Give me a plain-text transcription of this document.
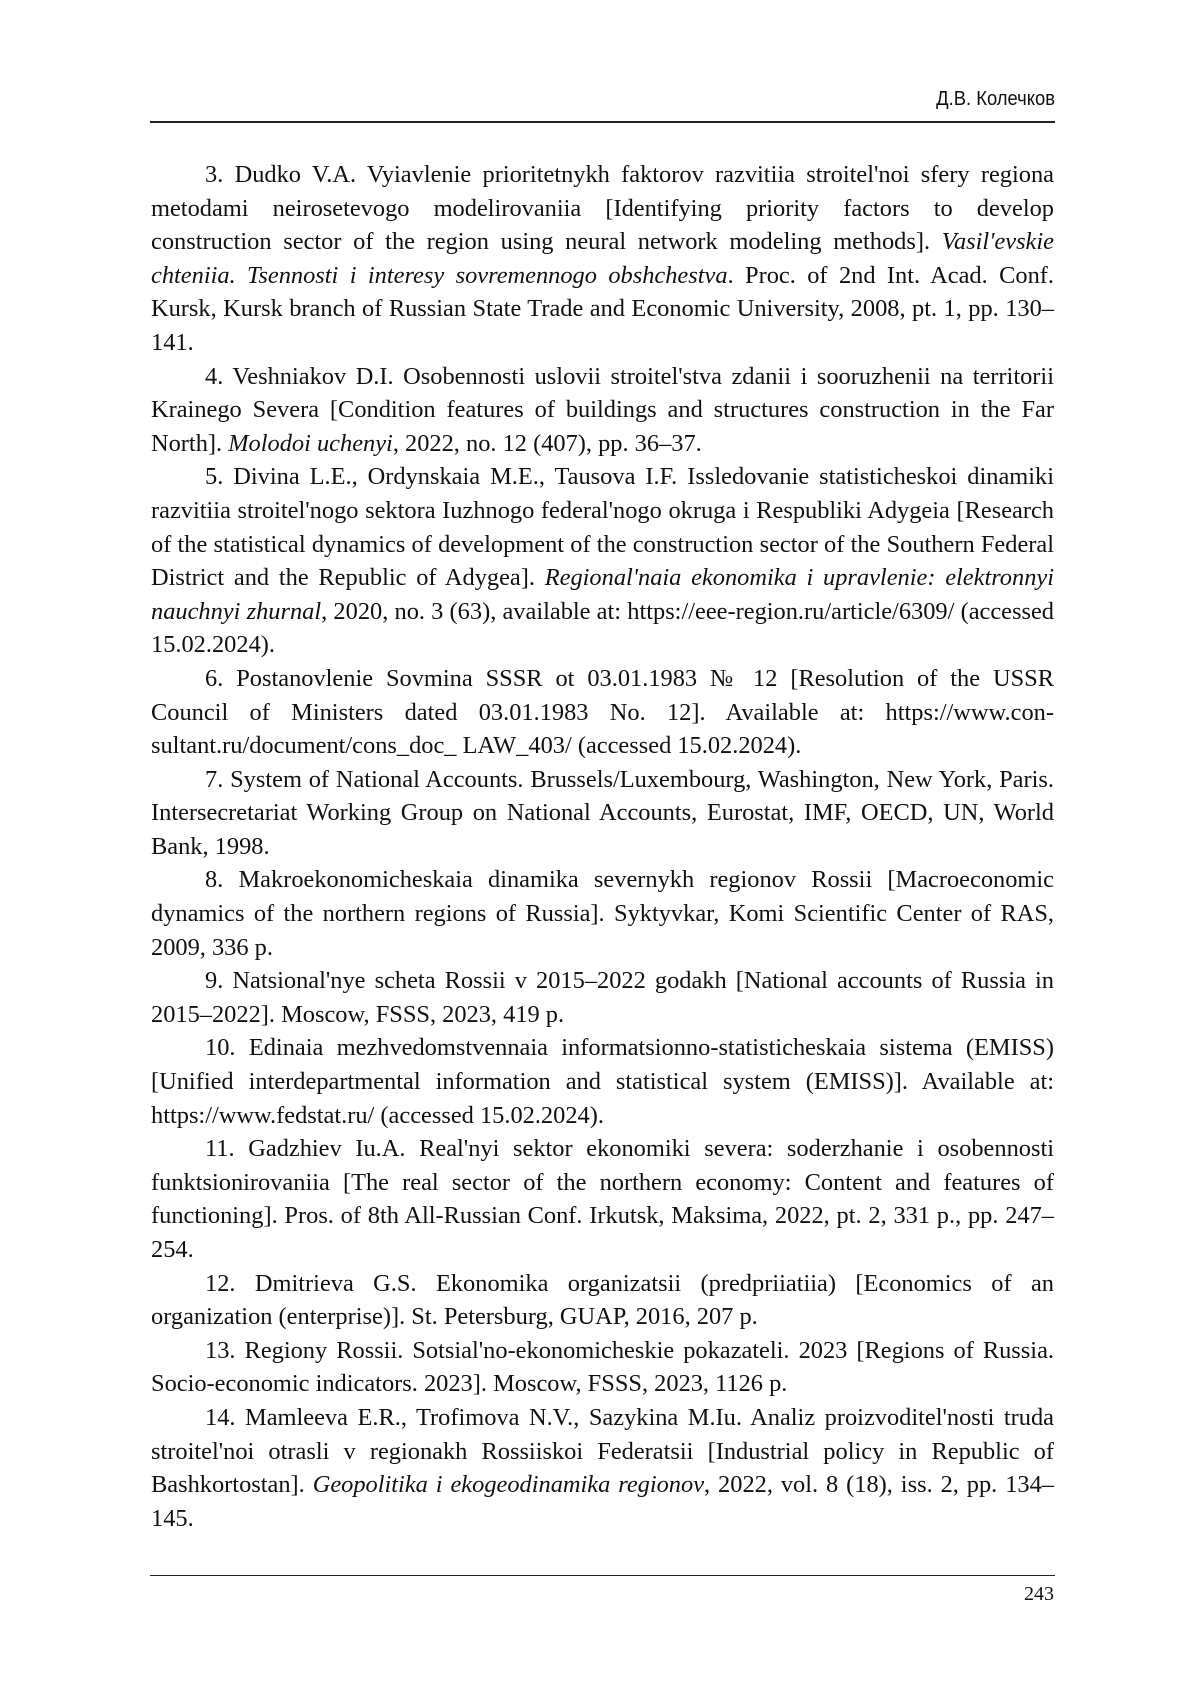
Д.В. Колечков

3. Dudko V.A. Vyiavlenie prioritetnykh faktorov razvitiia stroitel'noi sfery regiona metodami neirosetevogo modelirovaniia [Identifying priority factors to develop construction sector of the region using neural network modeling methods]. Vasil'evskie chteniia. Tsennosti i interesy sovremennogo obshchestva. Proc. of 2nd Int. Acad. Conf. Kursk, Kursk branch of Russian State Trade and Economic University, 2008, pt. 1, pp. 130–141.

4. Veshniakov D.I. Osobennosti uslovii stroitel'stva zdanii i sooruzhenii na territorii Krainego Severa [Condition features of buildings and structures construction in the Far North]. Molodoi uchenyi, 2022, no. 12 (407), pp. 36–37.

5. Divina L.E., Ordynskaia M.E., Tausova I.F. Issledovanie statisticheskoi dinamiki razvitiia stroitel'nogo sektora Iuzhnogo federal'nogo okruga i Respubliki Adygeia [Research of the statistical dynamics of development of the construction sector of the Southern Federal District and the Republic of Adygea]. Regional'naia ekonomika i upravlenie: elektronnyi nauchnyi zhurnal, 2020, no. 3 (63), available at: https://eee-region.ru/article/6309/ (accessed 15.02.2024).

6. Postanovlenie Sovmina SSSR ot 03.01.1983 № 12 [Resolution of the USSR Council of Ministers dated 03.01.1983 No. 12]. Available at: https://www.consultant.ru/document/cons_doc_ LAW_403/ (accessed 15.02.2024).

7. System of National Accounts. Brussels/Luxembourg, Washington, New York, Paris. Intersecretariat Working Group on National Accounts, Eurostat, IMF, OECD, UN, World Bank, 1998.

8. Makroekonomicheskaia dinamika severnykh regionov Rossii [Macroeconomic dynamics of the northern regions of Russia]. Syktyvkar, Komi Scientific Center of RAS, 2009, 336 p.

9. Natsional'nye scheta Rossii v 2015–2022 godakh [National accounts of Russia in 2015–2022]. Moscow, FSSS, 2023, 419 p.

10. Edinaia mezhvedomstvennaia informatsionno-statisticheskaia sistema (EMISS) [Unified interdepartmental information and statistical system (EMISS)]. Available at: https://www.fedstat.ru/ (accessed 15.02.2024).

11. Gadzhiev Iu.A. Real'nyi sektor ekonomiki severa: soderzhanie i osobennosti funktsionirovaniia [The real sector of the northern economy: Content and features of functioning]. Pros. of 8th All-Russian Conf. Irkutsk, Maksima, 2022, pt. 2, 331 p., pp. 247–254.

12. Dmitrieva G.S. Ekonomika organizatsii (predpriiatiia) [Economics of an organization (enterprise)]. St. Petersburg, GUAP, 2016, 207 p.

13. Regiony Rossii. Sotsial'no-ekonomicheskie pokazateli. 2023 [Regions of Russia. Socio-economic indicators. 2023]. Moscow, FSSS, 2023, 1126 p.

14. Mamleeva E.R., Trofimova N.V., Sazykina M.Iu. Analiz proizvoditel'nosti truda stroitel'noi otrasli v regionakh Rossiiskoi Federatsii [Industrial policy in Republic of Bashkortostan]. Geopolitika i ekogeodinamika regionov, 2022, vol. 8 (18), iss. 2, pp. 134–145.

243
